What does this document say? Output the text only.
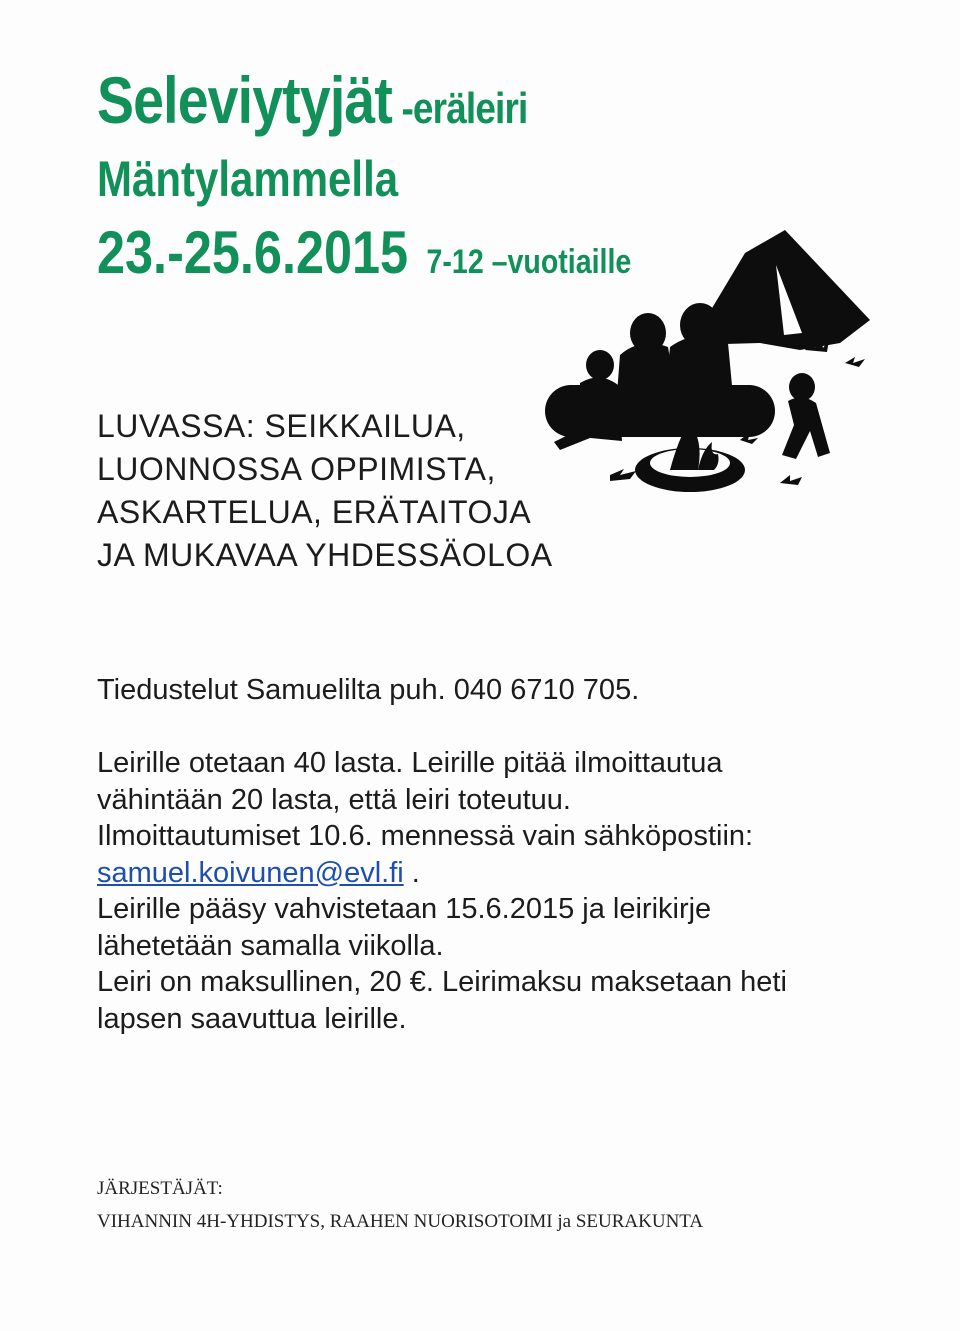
Seleviytyjät -eräleiri
Mäntylammella
23.-25.6.2015 7-12 –vuotiaille
LUVASSA: SEIKKAILUA,
LUONNOSSA OPPIMISTA,
ASKARTELUA, ERÄTAITOJA
JA MUKAVAA YHDESSÄOLOA
Tiedustelut Samuelilta puh. 040 6710 705.
Leirille otetaan 40 lasta. Leirille pitää ilmoittautua
vähintään 20 lasta, että leiri toteutuu.
Ilmoittautumiset 10.6. mennessä vain sähköpostiin:
samuel.koivunen@evl.fi .
Leirille pääsy vahvistetaan 15.6.2015 ja leirikirje
lähetetään samalla viikolla.
Leiri on maksullinen, 20 €. Leirimaksu maksetaan heti
lapsen saavuttua leirille.
JÄRJESTÄJÄT:
VIHANNIN 4H-YHDISTYS, RAAHEN NUORISOTOIMI ja SEURAKUNTA
